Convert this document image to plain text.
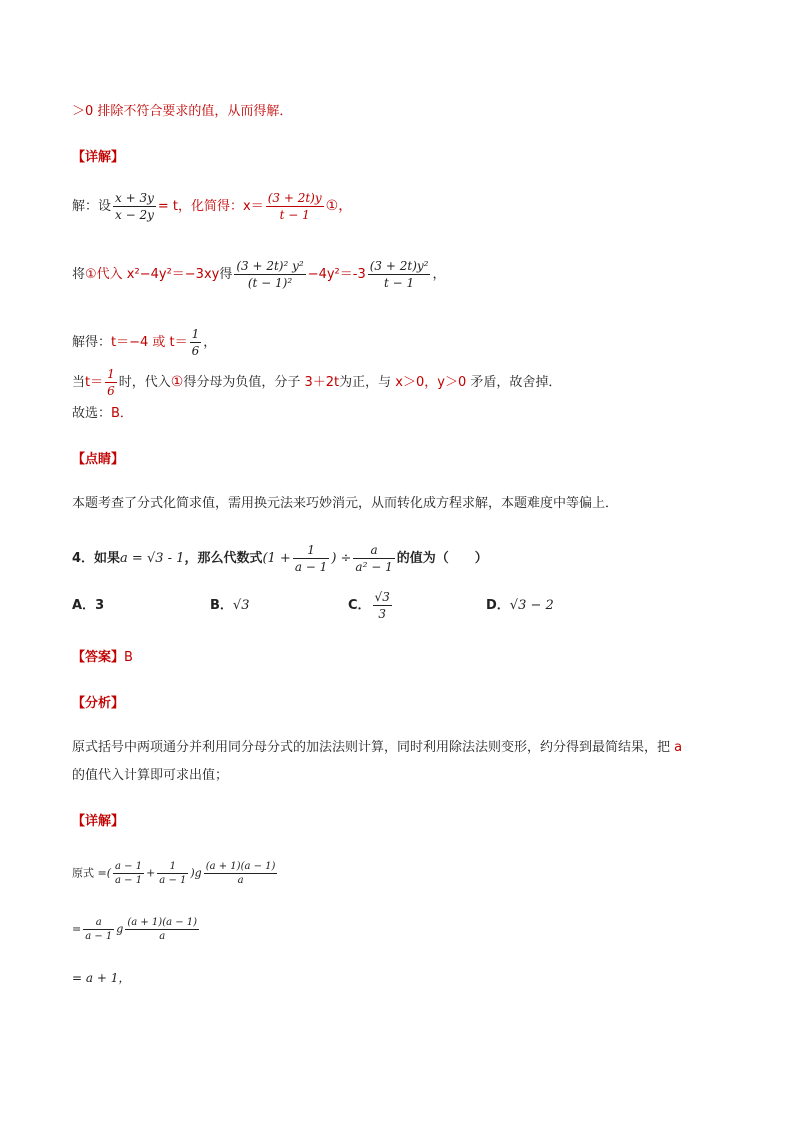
＞0 排除不符合要求的值，从而得解．
【详解】
解：设 $\frac{x + 3y}{x - 2y} = t$，化简得：$x= \frac{(3 + 2t)y}{t - 1}$ ①，
将①代入 x²−4y²＝−3xy得 $\frac{\text{(3 + 2t)² y²}}{\text{(t − 1)²}} -4y^2=-3 \frac{\text{(3 + 2t)y²}}{t - 1}$ ，
解得：t＝−4 或 $t= \frac{1}{6}$ ，
当$t= \frac{1}{6}$ 时，代入①得分母为负值，分子 3＋2t为正，与 x＞0，y＞0 矛盾，故舍掉．
故选：B．
【点睛】
本题考查了分式化简求值，需用换元法来巧妙消元，从而转化成方程求解，本题难度中等偏上．
4．如果a = √3 - 1，那么代数式($1 + \frac{1}{a - 1}$ ) ÷ $\frac{a}{\text{a² − 1}}$ 的值为（　　）
A．3	B．√3	C． $\frac{√3}{3}$	D．√3 − 2
【答案】B
【分析】
原式括号中两项通分并利用同分母分式的加法法则计算，同时利用除法法则变形，约分得到最简结果，把 a
的值代入计算即可求出值；
【详解】
原式 =( $\frac{a - 1}{a - 1} + \frac{1}{a - 1} )g \frac{(a + 1)(a - 1)}{a}$
= $\frac{a}{a - 1}$ g $\frac{(a + 1)(a - 1)}{a}$
= a + 1，
